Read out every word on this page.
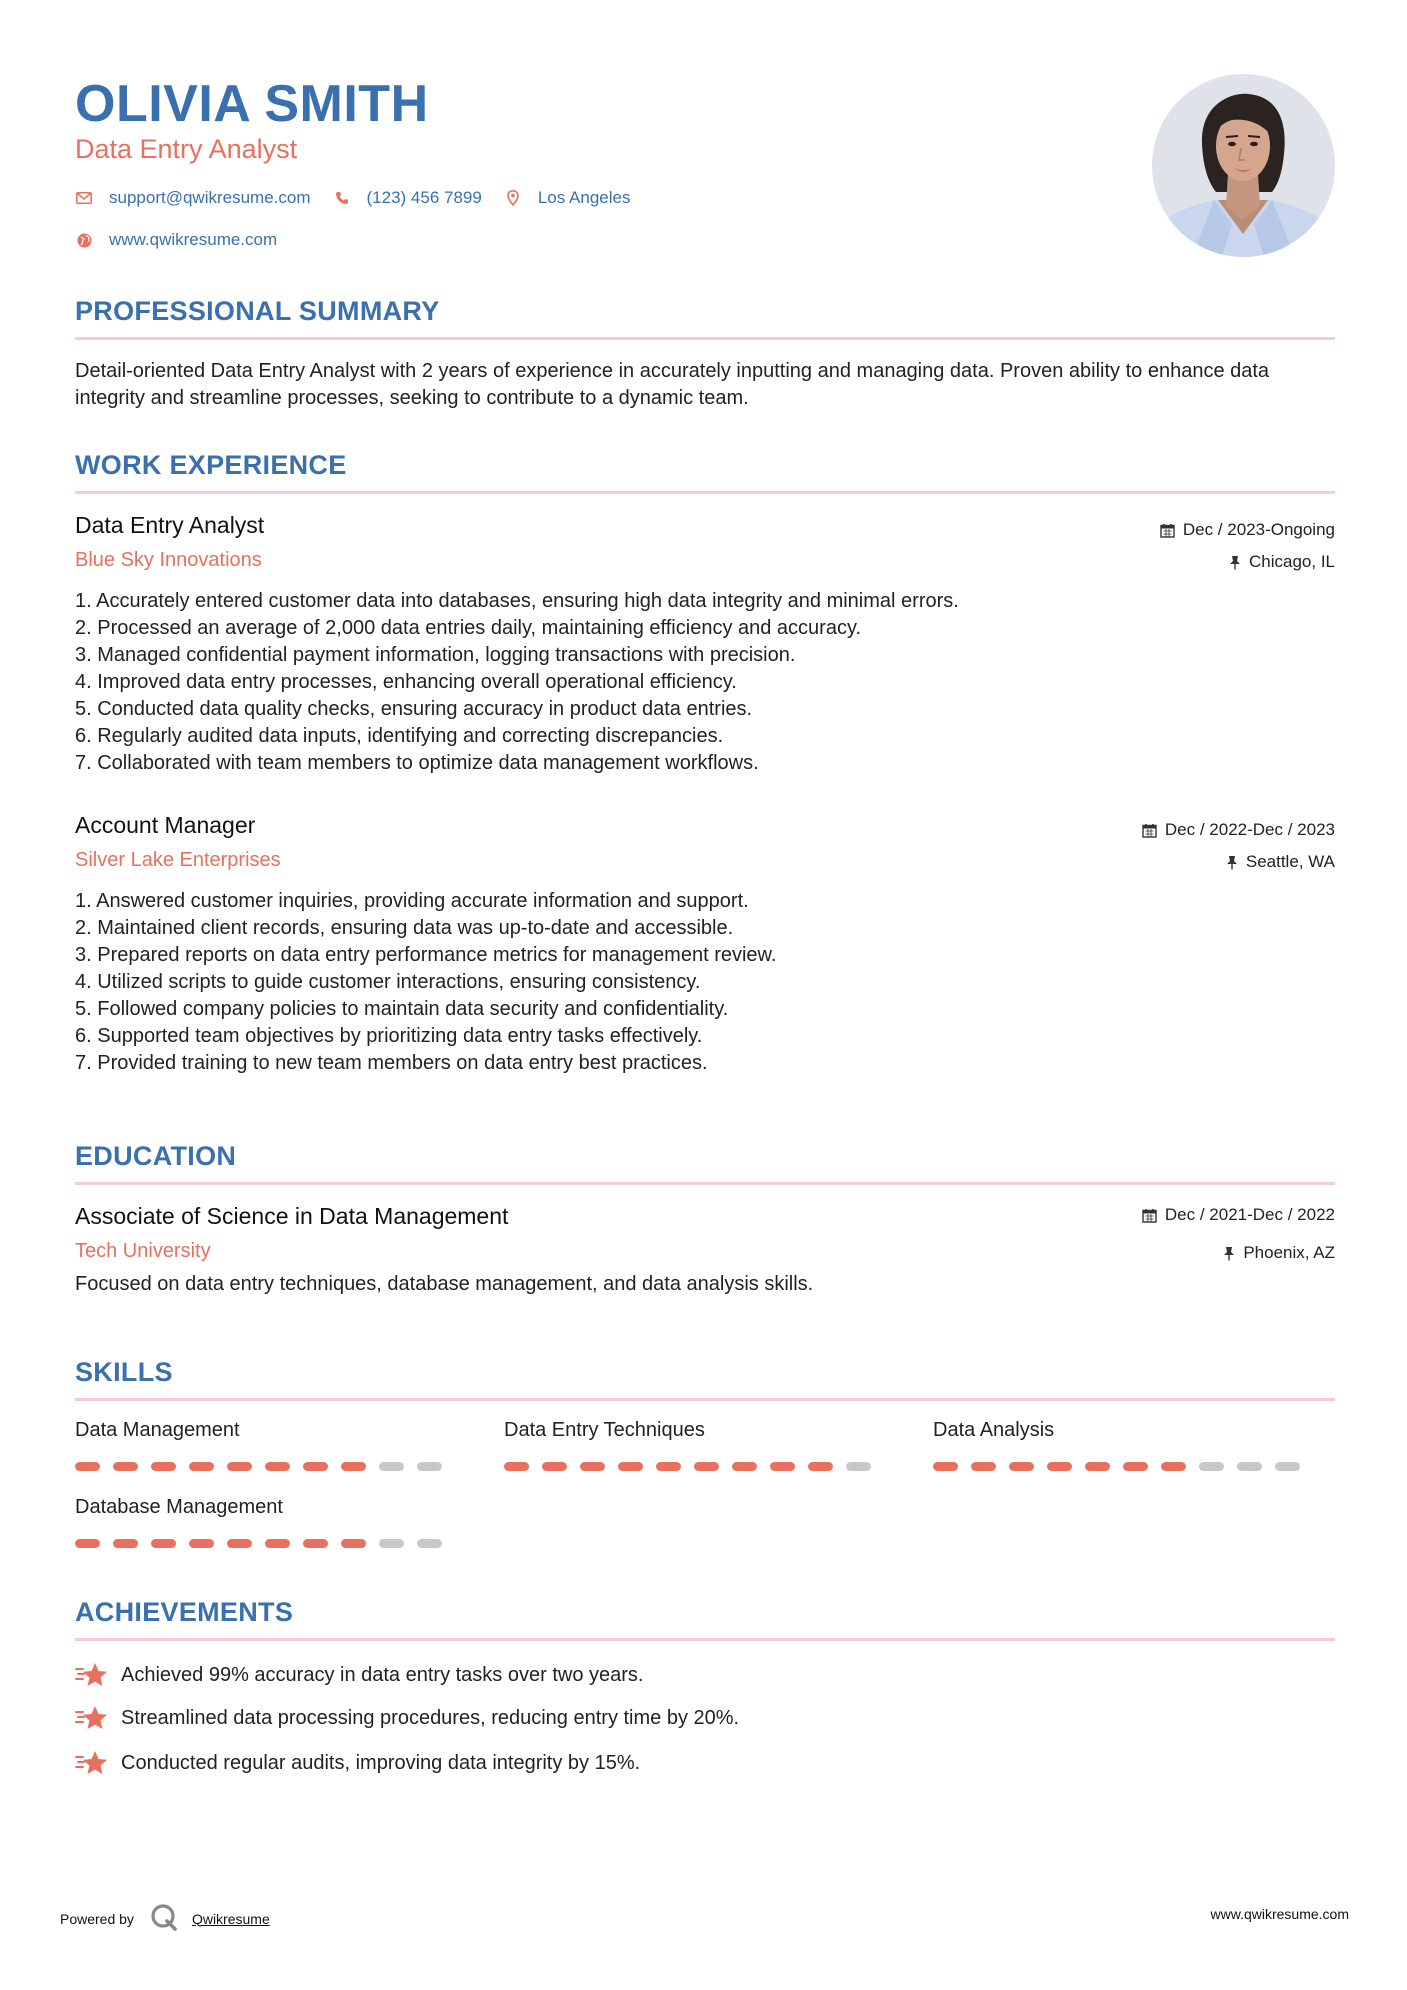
OLIVIA SMITH
Data Entry Analyst
support@qwikresume.com	(123) 456 7899	Los Angeles
www.qwikresume.com
PROFESSIONAL SUMMARY
Detail-oriented Data Entry Analyst with 2 years of experience in accurately inputting and managing data. Proven ability to enhance data integrity and streamline processes, seeking to contribute to a dynamic team.
WORK EXPERIENCE
Data Entry Analyst
Blue Sky Innovations
Dec / 2023-Ongoing
Chicago, IL
1. Accurately entered customer data into databases, ensuring high data integrity and minimal errors.
2. Processed an average of 2,000 data entries daily, maintaining efficiency and accuracy.
3. Managed confidential payment information, logging transactions with precision.
4. Improved data entry processes, enhancing overall operational efficiency.
5. Conducted data quality checks, ensuring accuracy in product data entries.
6. Regularly audited data inputs, identifying and correcting discrepancies.
7. Collaborated with team members to optimize data management workflows.
Account Manager
Silver Lake Enterprises
Dec / 2022-Dec / 2023
Seattle, WA
1. Answered customer inquiries, providing accurate information and support.
2. Maintained client records, ensuring data was up-to-date and accessible.
3. Prepared reports on data entry performance metrics for management review.
4. Utilized scripts to guide customer interactions, ensuring consistency.
5. Followed company policies to maintain data security and confidentiality.
6. Supported team objectives by prioritizing data entry tasks effectively.
7. Provided training to new team members on data entry best practices.
EDUCATION
Associate of Science in Data Management
Tech University
Dec / 2021-Dec / 2022
Phoenix, AZ
Focused on data entry techniques, database management, and data analysis skills.
SKILLS
Data Management	Data Entry Techniques	Data Analysis
Database Management
ACHIEVEMENTS
Achieved 99% accuracy in data entry tasks over two years.
Streamlined data processing procedures, reducing entry time by 20%.
Conducted regular audits, improving data integrity by 15%.
Powered by	Qwikresume	www.qwikresume.com
